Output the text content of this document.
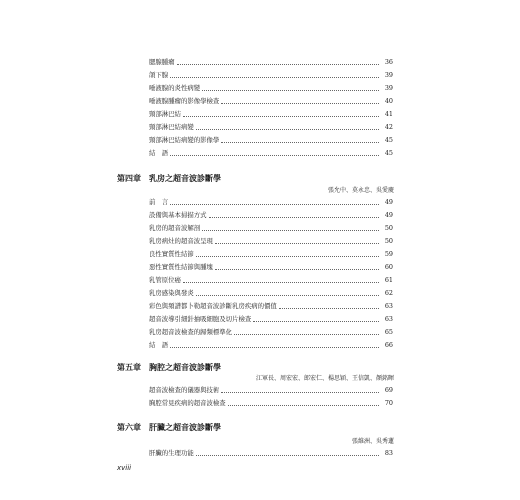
腮腺腫瘤	36
頜下腺	39
唾液腺的炎性病變	39
唾液腺腫瘤的影像學檢查	40
頸部淋巴結	41
頸部淋巴結病變	42
頸部淋巴結病變的影像學	45
結　語	45
第四章 乳房之超音波診斷學
張允中、莫永忠、吳愛慶
前　言	49
設備與基本掃描方式	49
乳房的超音波解剖	50
乳房病灶的超音波呈現	50
良性實質性結節	59
惡性實質性結節與腫塊	60
乳管原位癌	61
乳房感染與發炎	62
彩色與頻譜都卜勒超音波診斷乳房疾病的價值	63
超音波導引細針抽吸細胞及切片檢查	63
乳房超音波檢查的歸類標準化	65
結　語	66
第五章 胸腔之超音波診斷學
江軍長、周宏宏、郎宏仁、楊思穎、王信凱、顏銘暉
超音波檢查的儀器與技術	69
胸腔常見疾病的超音波檢查	70
第六章 肝臟之超音波診斷學
張維洲、吳秀蓮
肝臟的生理功能	83
xviii
